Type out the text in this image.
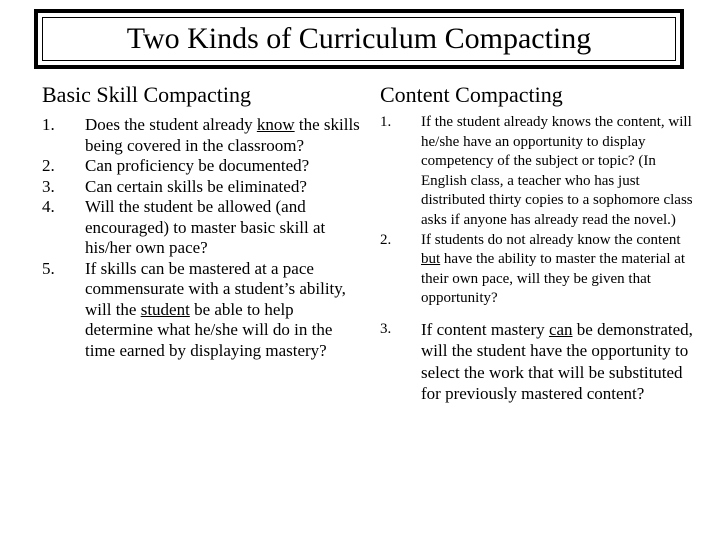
Two Kinds of Curriculum Compacting
Basic Skill Compacting	Content Compacting
1. Does the student already know the skills being covered in the classroom?
2. Can proficiency be documented?
3. Can certain skills be eliminated?
4. Will the student be allowed (and encouraged) to master basic skill at his/her own pace?
5. If skills can be mastered at a pace commensurate with a student’s ability, will the student be able to help determine what he/she will do in the time earned by displaying mastery?
1. If the student already knows the content, will he/she have an opportunity to display competency of the subject or topic? (In English class, a teacher who has just distributed thirty copies to a sophomore class asks if anyone has already read the novel.)
2. If students do not already know the content but have the ability to master the material at their own pace, will they be given that opportunity?
3. If content mastery can be demonstrated, will the student have the opportunity to select the work that will be substituted for previously mastered content?
